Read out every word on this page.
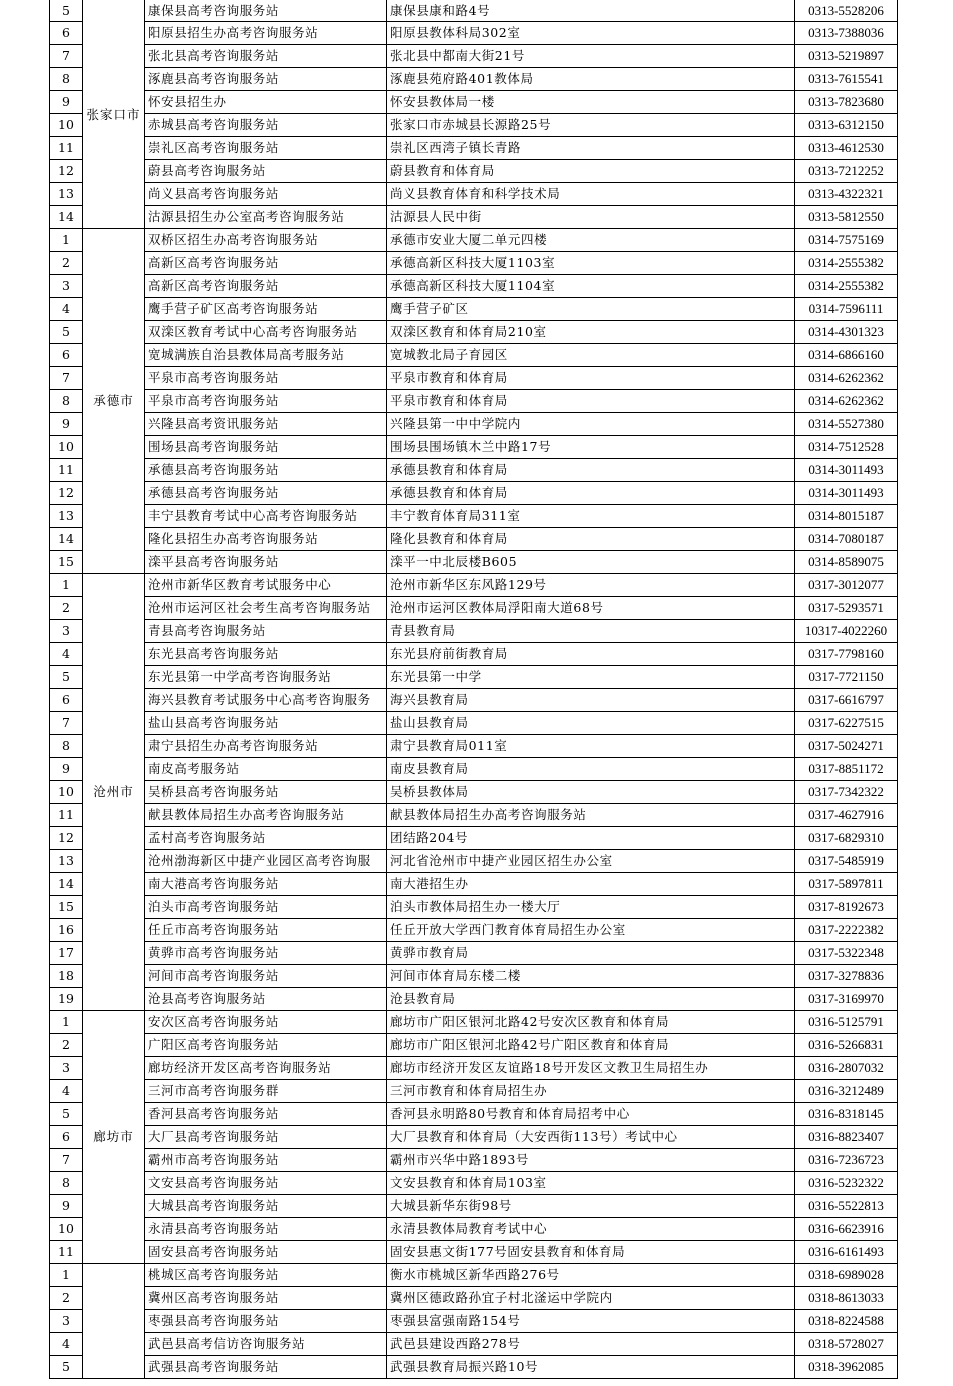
5	张家口市	康保县高考咨询服务站	康保县康和路4号	0313-5528206
6		阳原县招生办高考咨询服务站	阳原县教体科局302室	0313-7388036
7		张北县高考咨询服务站	张北县中都南大街21号	0313-5219897
8		涿鹿县高考咨询服务站	涿鹿县苑府路401教体局	0313-7615541
9		怀安县招生办	怀安县教体局一楼	0313-7823680
10		赤城县高考咨询服务站	张家口市赤城县长源路25号	0313-6312150
11		崇礼区高考咨询服务站	崇礼区西湾子镇长青路	0313-4612530
12		蔚县高考咨询服务站	蔚县教育和体育局	0313-7212252
13		尚义县高考咨询服务站	尚义县教育体育和科学技术局	0313-4322321
14		沽源县招生办公室高考咨询服务站	沽源县人民中街	0313-5812550
1	承德市	双桥区招生办高考咨询服务站	承德市安业大厦二单元四楼	0314-7575169
2		高新区高考咨询服务站	承德高新区科技大厦1103室	0314-2555382
3		高新区高考咨询服务站	承德高新区科技大厦1104室	0314-2555382
4		鹰手营子矿区高考咨询服务站	鹰手营子矿区	0314-7596111
5		双滦区教育考试中心高考咨询服务站	双滦区教育和体育局210室	0314-4301323
6		宽城满族自治县教体局高考服务站	宽城教北局子育园区	0314-6866160
7		平泉市高考咨询服务站	平泉市教育和体育局	0314-6262362
8		平泉市高考咨询服务站	平泉市教育和体育局	0314-6262362
9		兴隆县高考资讯服务站	兴隆县第一中中学院内	0314-5527380
10		围场县高考咨询服务站	围场县围场镇木兰中路17号	0314-7512528
11		承德县高考咨询服务站	承德县教育和体育局	0314-3011493
12		承德县高考咨询服务站	承德县教育和体育局	0314-3011493
13		丰宁县教育考试中心高考咨询服务站	丰宁教育体育局311室	0314-8015187
14		隆化县招生办高考咨询服务站	隆化县教育和体育局	0314-7080187
15		滦平县高考咨询服务站	滦平一中北辰楼B605	0314-8589075
1	沧州市	沧州市新华区教育考试服务中心	沧州市新华区东风路129号	0317-3012077
2		沧州市运河区社会考生高考咨询服务站	沧州市运河区教体局浮阳南大道68号	0317-5293571
3		青县高考咨询服务站	青县教育局	10317-4022260
4		东光县高考咨询服务站	东光县府前街教育局	0317-7798160
5		东光县第一中学高考咨询服务站	东光县第一中学	0317-7721150
6		海兴县教育考试服务中心高考咨询服务	海兴县教育局	0317-6616797
7		盐山县高考咨询服务站	盐山县教育局	0317-6227515
8		肃宁县招生办高考咨询服务站	肃宁县教育局011室	0317-5024271
9		南皮高考服务站	南皮县教育局	0317-8851172
10		吴桥县高考咨询服务站	吴桥县教体局	0317-7342322
11		献县教体局招生办高考咨询服务站	献县教体局招生办高考咨询服务站	0317-4627916
12		孟村高考咨询服务站	团结路204号	0317-6829310
13		沧州渤海新区中捷产业园区高考咨询服	河北省沧州市中捷产业园区招生办公室	0317-5485919
14		南大港高考咨询服务站	南大港招生办	0317-5897811
15		泊头市高考咨询服务站	泊头市教体局招生办一楼大厅	0317-8192673
16		任丘市高考咨询服务站	任丘开放大学西门教育体育局招生办公室	0317-2222382
17		黄骅市高考咨询服务站	黄骅市教育局	0317-5322348
18		河间市高考咨询服务站	河间市体育局东楼二楼	0317-3278836
19		沧县高考咨询服务站	沧县教育局	0317-3169970
1	廊坊市	安次区高考咨询服务站	廊坊市广阳区银河北路42号安次区教育和体育局	0316-5125791
2		广阳区高考咨询服务站	廊坊市广阳区银河北路42号广阳区教育和体育局	0316-5266831
3		廊坊经济开发区高考咨询服务站	廊坊市经济开发区友谊路18号开发区文教卫生局招生办	0316-2807032
4		三河市高考咨询服务群	三河市教育和体育局招生办	0316-3212489
5		香河县高考咨询服务站	香河县永明路80号教育和体育局招考中心	0316-8318145
6		大厂县高考咨询服务站	大厂县教育和体育局（大安西街113号）考试中心	0316-8823407
7		霸州市高考咨询服务站	霸州市兴华中路1893号	0316-7236723
8		文安县高考咨询服务站	文安县教育和体育局103室	0316-5232322
9		大城县高考咨询服务站	大城县新华东街98号	0316-5522813
10		永清县高考咨询服务站	永清县教体局教育考试中心	0316-6623916
11		固安县高考咨询服务站	固安县惠文街177号固安县教育和体育局	0316-6161493
1		桃城区高考咨询服务站	衡水市桃城区新华西路276号	0318-6989028
2		冀州区高考咨询服务站	冀州区德政路孙宜子村北滏运中学院内	0318-8613033
3		枣强县高考咨询服务站	枣强县富强南路154号	0318-8224588
4		武邑县高考信访咨询服务站	武邑县建设西路278号	0318-5728027
5		武强县高考咨询服务站	武强县教育局振兴路10号	0318-3962085
